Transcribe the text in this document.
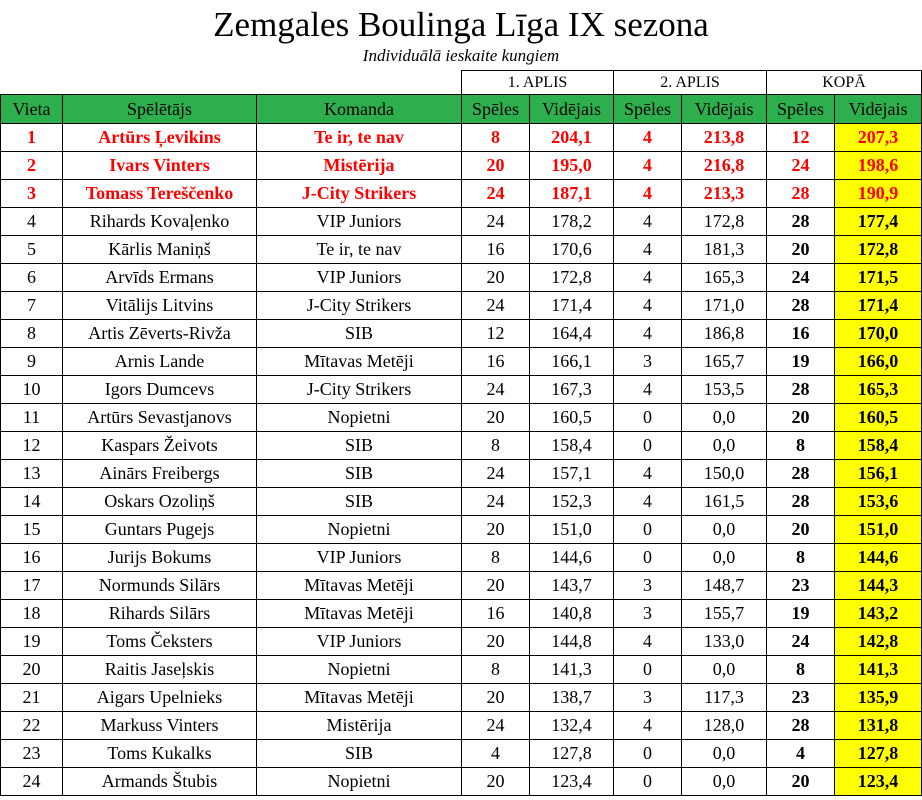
Zemgales Boulinga Līga IX sezona
Individuālā ieskaite kungiem
			1. APLIS		2. APLIS		KOPĀ	
Vieta	Spēlētājs	Komanda	Spēles	Vidējais	Spēles	Vidējais	Spēles	Vidējais
1	Artūrs Ļevikins	Te ir, te nav	8	204,1	4	213,8	12	207,3
2	Ivars Vinters	Mistērija	20	195,0	4	216,8	24	198,6
3	Tomass Tereščenko	J-City Strikers	24	187,1	4	213,3	28	190,9
4	Rihards Kovaļenko	VIP Juniors	24	178,2	4	172,8	28	177,4
5	Kārlis Maniņš	Te ir, te nav	16	170,6	4	181,3	20	172,8
6	Arvīds Ermans	VIP Juniors	20	172,8	4	165,3	24	171,5
7	Vitālijs Litvins	J-City Strikers	24	171,4	4	171,0	28	171,4
8	Artis Zēverts-Rivža	SIB	12	164,4	4	186,8	16	170,0
9	Arnis Lande	Mītavas Metēji	16	166,1	3	165,7	19	166,0
10	Igors Dumcevs	J-City Strikers	24	167,3	4	153,5	28	165,3
11	Artūrs Sevastjanovs	Nopietni	20	160,5	0	0,0	20	160,5
12	Kaspars Žeivots	SIB	8	158,4	0	0,0	8	158,4
13	Ainārs Freibergs	SIB	24	157,1	4	150,0	28	156,1
14	Oskars Ozoliņš	SIB	24	152,3	4	161,5	28	153,6
15	Guntars Pugejs	Nopietni	20	151,0	0	0,0	20	151,0
16	Jurijs Bokums	VIP Juniors	8	144,6	0	0,0	8	144,6
17	Normunds Silārs	Mītavas Metēji	20	143,7	3	148,7	23	144,3
18	Rihards Silārs	Mītavas Metēji	16	140,8	3	155,7	19	143,2
19	Toms Čeksters	VIP Juniors	20	144,8	4	133,0	24	142,8
20	Raitis Jaseļskis	Nopietni	8	141,3	0	0,0	8	141,3
21	Aigars Upelnieks	Mītavas Metēji	20	138,7	3	117,3	23	135,9
22	Markuss Vinters	Mistērija	24	132,4	4	128,0	28	131,8
23	Toms Kukalks	SIB	4	127,8	0	0,0	4	127,8
24	Armands Štubis	Nopietni	20	123,4	0	0,0	20	123,4
